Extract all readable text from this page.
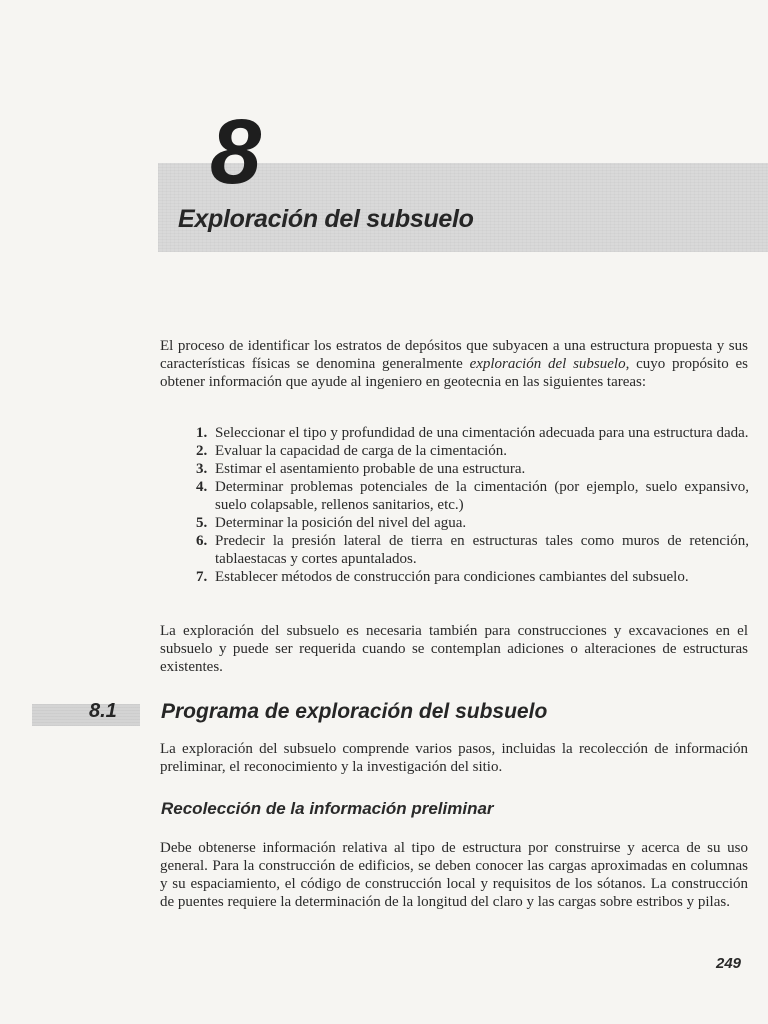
8
Exploración del subsuelo

El proceso de identificar los estratos de depósitos que subyacen a una estructura propuesta y sus características físicas se denomina generalmente exploración del subsuelo, cuyo propósito es obtener información que ayude al ingeniero en geotecnia en las siguientes tareas:

1. Seleccionar el tipo y profundidad de una cimentación adecuada para una estructura dada.
2. Evaluar la capacidad de carga de la cimentación.
3. Estimar el asentamiento probable de una estructura.
4. Determinar problemas potenciales de la cimentación (por ejemplo, suelo expansivo, suelo colapsable, rellenos sanitarios, etc.)
5. Determinar la posición del nivel del agua.
6. Predecir la presión lateral de tierra en estructuras tales como muros de retención, tablaestacas y cortes apuntalados.
7. Establecer métodos de construcción para condiciones cambiantes del subsuelo.

La exploración del subsuelo es necesaria también para construcciones y excavaciones en el subsuelo y puede ser requerida cuando se contemplan adiciones o alteraciones de estructuras existentes.

8.1 Programa de exploración del subsuelo

La exploración del subsuelo comprende varios pasos, incluidas la recolección de información preliminar, el reconocimiento y la investigación del sitio.

Recolección de la información preliminar

Debe obtenerse información relativa al tipo de estructura por construirse y acerca de su uso general. Para la construcción de edificios, se deben conocer las cargas aproximadas en columnas y su espaciamiento, el código de construcción local y requisitos de los sótanos. La construcción de puentes requiere la determinación de la longitud del claro y las cargas sobre estribos y pilas.

249
